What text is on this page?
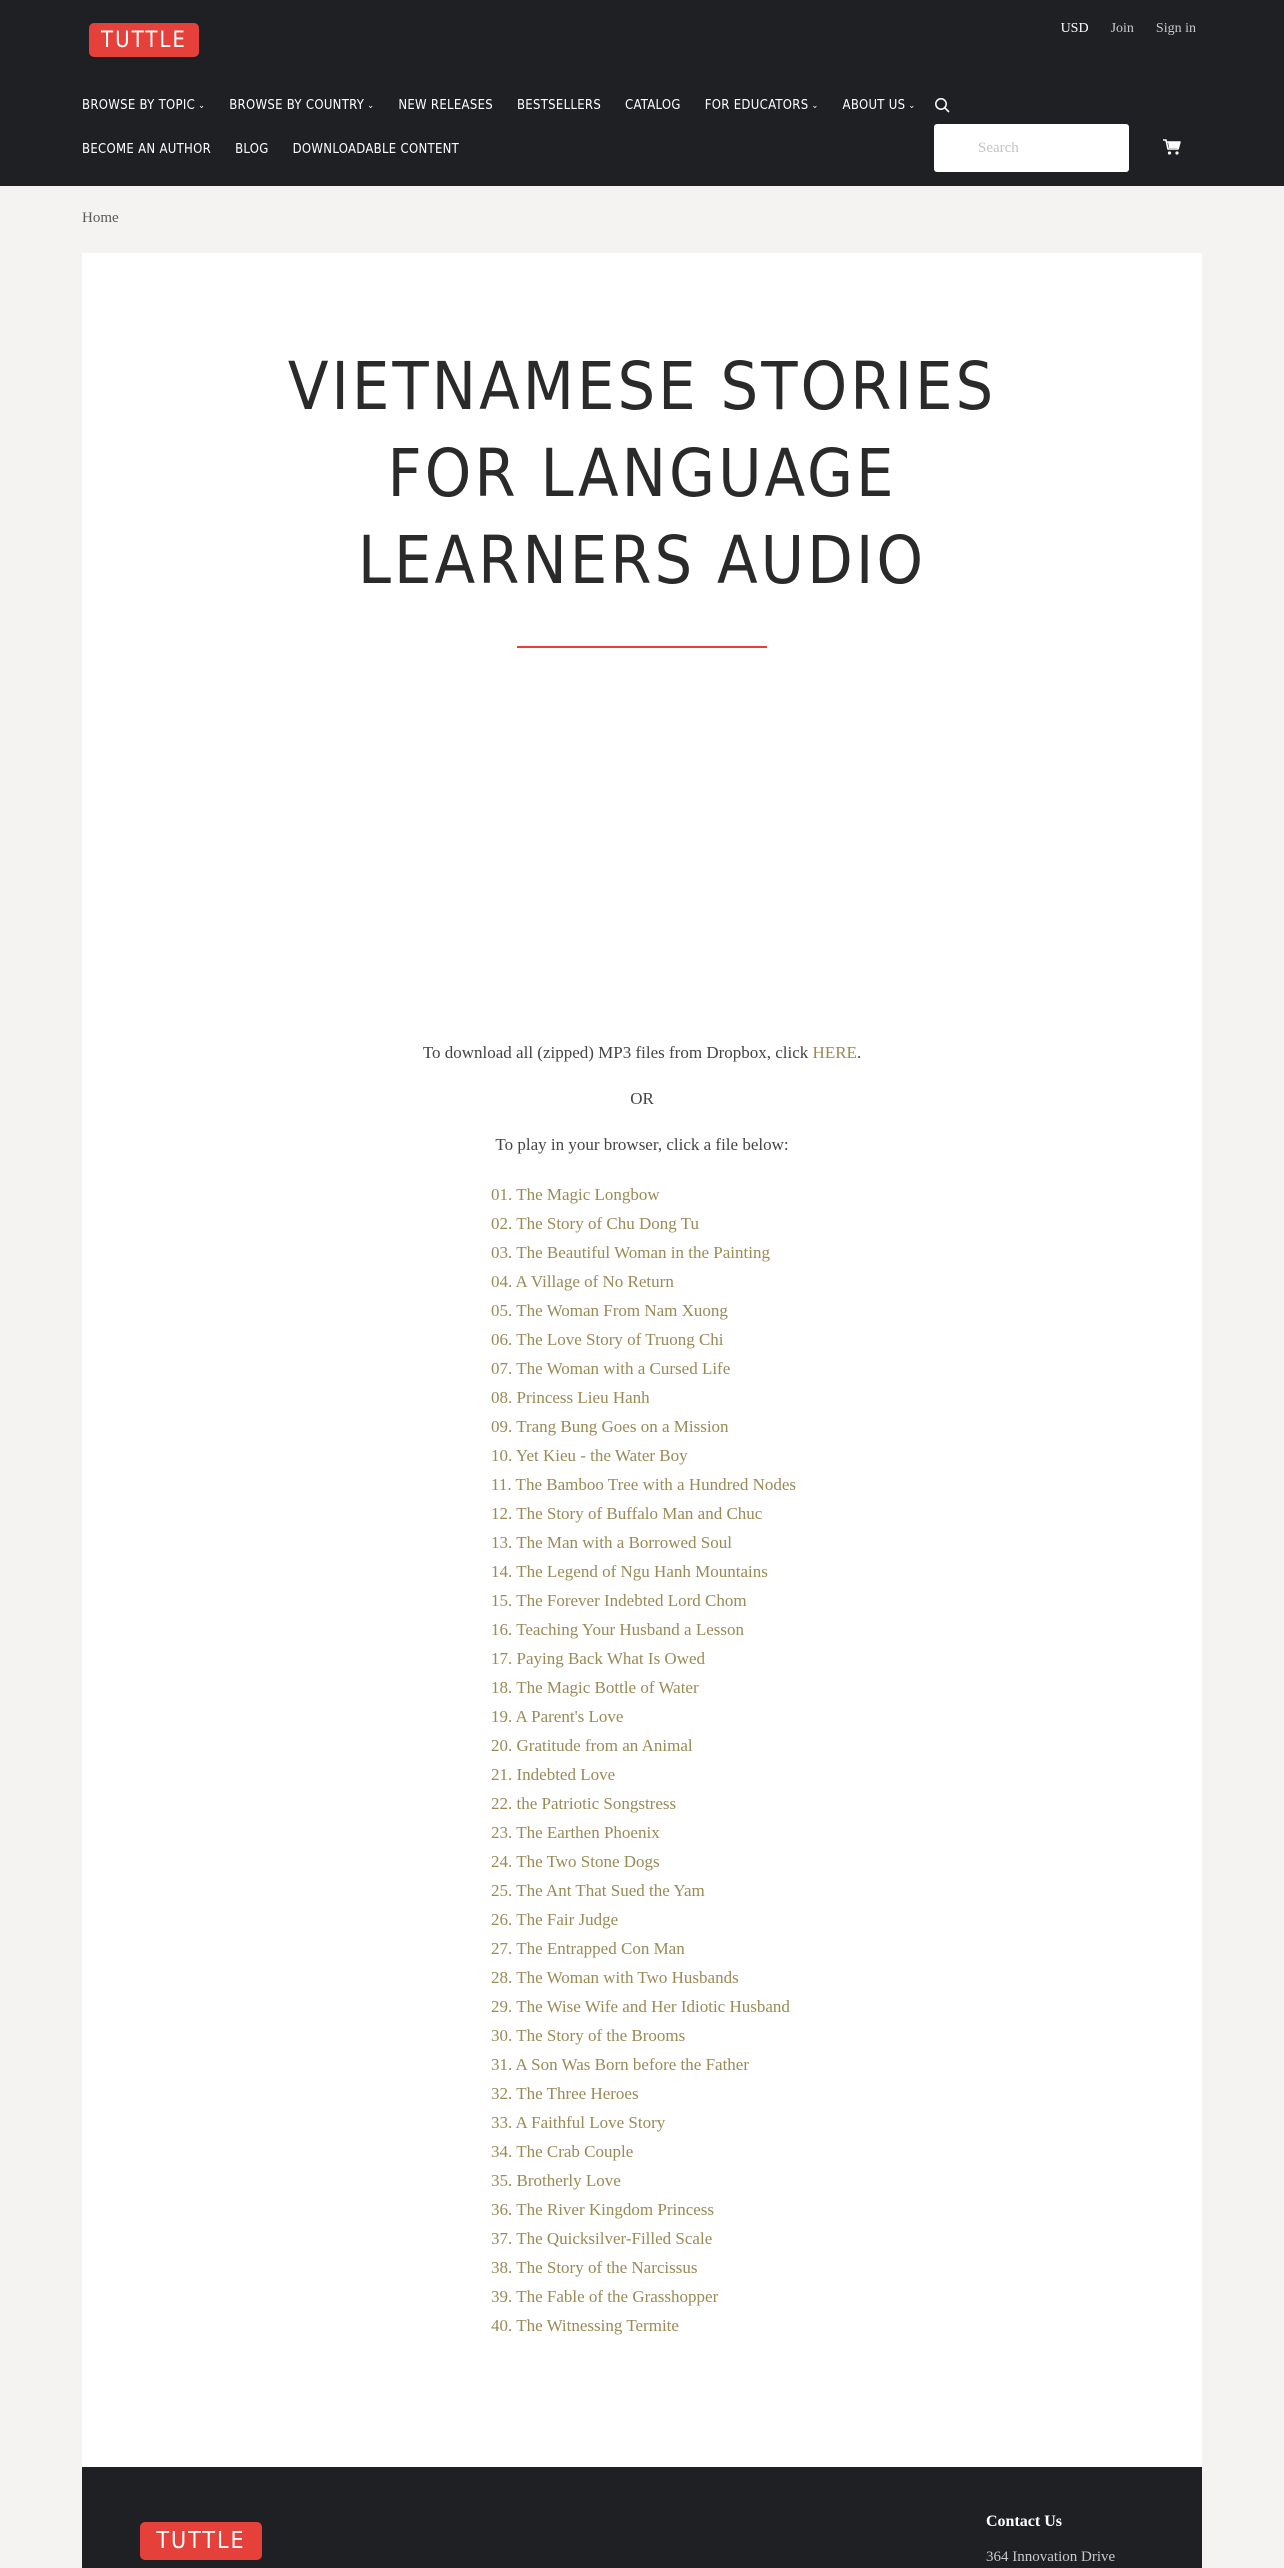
TUTTLE	USD Join Sign in
BROWSE BY TOPIC ⌄ BROWSE BY COUNTRY ⌄ NEW RELEASES BESTSELLERS CATALOG FOR EDUCATORS ⌄ ABOUT US ⌄
BECOME AN AUTHOR BLOG DOWNLOADABLE CONTENT
Search
Home
VIETNAMESE STORIES
FOR LANGUAGE
LEARNERS AUDIO

To download all (zipped) MP3 files from Dropbox, click HERE.

OR

To play in your browser, click a file below:

01. The Magic Longbow
02. The Story of Chu Dong Tu
03. The Beautiful Woman in the Painting
04. A Village of No Return
05. The Woman From Nam Xuong
06. The Love Story of Truong Chi
07. The Woman with a Cursed Life
08. Princess Lieu Hanh
09. Trang Bung Goes on a Mission
10. Yet Kieu - the Water Boy
11. The Bamboo Tree with a Hundred Nodes
12. The Story of Buffalo Man and Chuc
13. The Man with a Borrowed Soul
14. The Legend of Ngu Hanh Mountains
15. The Forever Indebted Lord Chom
16. Teaching Your Husband a Lesson
17. Paying Back What Is Owed
18. The Magic Bottle of Water
19. A Parent's Love
20. Gratitude from an Animal
21. Indebted Love
22. the Patriotic Songstress
23. The Earthen Phoenix
24. The Two Stone Dogs
25. The Ant That Sued the Yam
26. The Fair Judge
27. The Entrapped Con Man
28. The Woman with Two Husbands
29. The Wise Wife and Her Idiotic Husband
30. The Story of the Brooms
31. A Son Was Born before the Father
32. The Three Heroes
33. A Faithful Love Story
34. The Crab Couple
35. Brotherly Love
36. The River Kingdom Princess
37. The Quicksilver-Filled Scale
38. The Story of the Narcissus
39. The Fable of the Grasshopper
40. The Witnessing Termite
TUTTLE
Contact Us
364 Innovation Drive
